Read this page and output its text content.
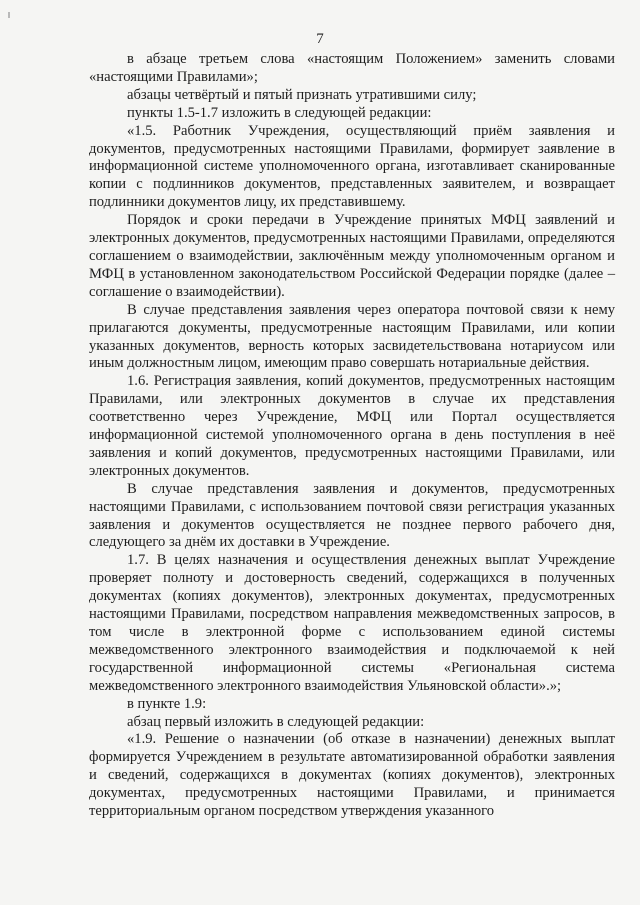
7

в абзаце третьем слова «настоящим Положением» заменить словами «настоящими Правилами»;

абзацы четвёртый и пятый признать утратившими силу;

пункты 1.5-1.7 изложить в следующей редакции:

«1.5. Работник Учреждения, осуществляющий приём заявления и документов, предусмотренных настоящими Правилами, формирует заявление в информационной системе уполномоченного органа, изготавливает сканированные копии с подлинников документов, представленных заявителем, и возвращает подлинники документов лицу, их представившему.

Порядок и сроки передачи в Учреждение принятых МФЦ заявлений и электронных документов, предусмотренных настоящими Правилами, определяются соглашением о взаимодействии, заключённым между уполномоченным органом и МФЦ в установленном законодательством Российской Федерации порядке (далее – соглашение о взаимодействии).

В случае представления заявления через оператора почтовой связи к нему прилагаются документы, предусмотренные настоящим Правилами, или копии указанных документов, верность которых засвидетельствована нотариусом или иным должностным лицом, имеющим право совершать нотариальные действия.

1.6. Регистрация заявления, копий документов, предусмотренных настоящим Правилами, или электронных документов в случае их представления соответственно через Учреждение, МФЦ или Портал осуществляется информационной системой уполномоченного органа в день поступления в неё заявления и копий документов, предусмотренных настоящими Правилами, или электронных документов.

В случае представления заявления и документов, предусмотренных настоящими Правилами, с использованием почтовой связи регистрация указанных заявления и документов осуществляется не позднее первого рабочего дня, следующего за днём их доставки в Учреждение.

1.7. В целях назначения и осуществления денежных выплат Учреждение проверяет полноту и достоверность сведений, содержащихся в полученных документах (копиях документов), электронных документах, предусмотренных настоящими Правилами, посредством направления межведомственных запросов, в том числе в электронной форме с использованием единой системы межведомственного электронного взаимодействия и подключаемой к ней государственной информационной системы «Региональная система межведомственного электронного взаимодействия Ульяновской области».»;

в пункте 1.9:

абзац первый изложить в следующей редакции:

«1.9. Решение о назначении (об отказе в назначении) денежных выплат формируется Учреждением в результате автоматизированной обработки заявления и сведений, содержащихся в документах (копиях документов), электронных документах, предусмотренных настоящими Правилами, и принимается территориальным органом посредством утверждения указанного
